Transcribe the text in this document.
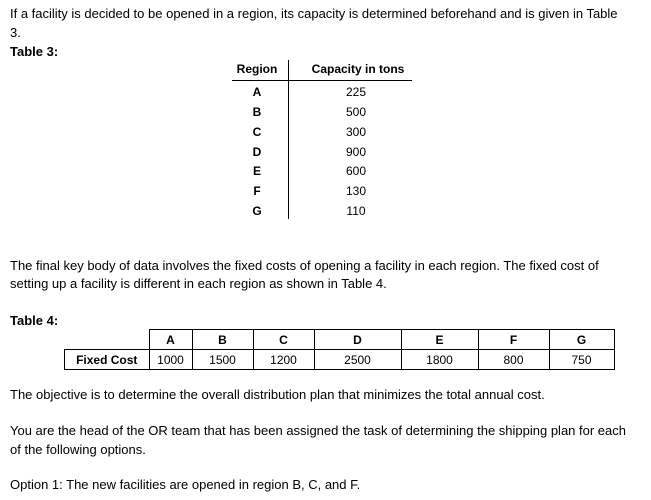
If a facility is decided to be opened in a region, its capacity is determined beforehand and is given in Table
3.
Table 3:
Region	Capacity in tons
A	225
B	500
C	300
D	900
E	600
F	130
G	110
The final key body of data involves the fixed costs of opening a facility in each region. The fixed cost of
setting up a facility is different in each region as shown in Table 4.
Table 4:
	A	B	C	D	E	F	G
Fixed Cost	1000	1500	1200	2500	1800	800	750
The objective is to determine the overall distribution plan that minimizes the total annual cost.
You are the head of the OR team that has been assigned the task of determining the shipping plan for each
of the following options.
Option 1: The new facilities are opened in region B, C, and F.
